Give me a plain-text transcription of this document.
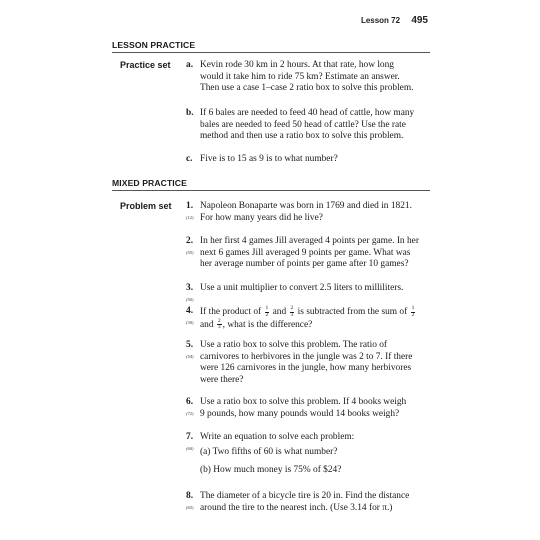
Lesson 72 495
LESSON PRACTICE
Practice set a. Kevin rode 30 km in 2 hours. At that rate, how long
would it take him to ride 75 km? Estimate an answer.
Then use a case 1–case 2 ratio box to solve this problem.
b. If 6 bales are needed to feed 40 head of cattle, how many
bales are needed to feed 50 head of cattle? Use the rate
method and then use a ratio box to solve this problem.
c. Five is to 15 as 9 is to what number?
MIXED PRACTICE
Problem set 1.
(12)
Napoleon Bonaparte was born in 1769 and died in 1821.
For how many years did he live?
2.
(55)
In her first 4 games Jill averaged 4 points per game. In her
next 6 games Jill averaged 9 points per game. What was
her average number of points per game after 10 games?
3.
(50)
Use a unit multiplier to convert 2.5 liters to milliliters.
4.
(30)
If the product of $\frac{1}{2}$ and $\frac{2}{3}$ is subtracted from the sum of $\frac{1}{2}$
and $\frac{2}{3}$ , what is the difference?
5.
(54)
Use a ratio box to solve this problem. The ratio of
carnivores to herbivores in the jungle was 2 to 7. If there
were 126 carnivores in the jungle, how many herbivores
were there?
6.
(72)
Use a ratio box to solve this problem. If 4 books weigh
9 pounds, how many pounds would 14 books weigh?
7.
(60)
Write an equation to solve each problem:
(a) Two fifths of 60 is what number?
(b) How much money is 75% of $24?
8.
(65)
The diameter of a bicycle tire is 20 in. Find the distance
around the tire to the nearest inch. (Use 3.14 for π.)
